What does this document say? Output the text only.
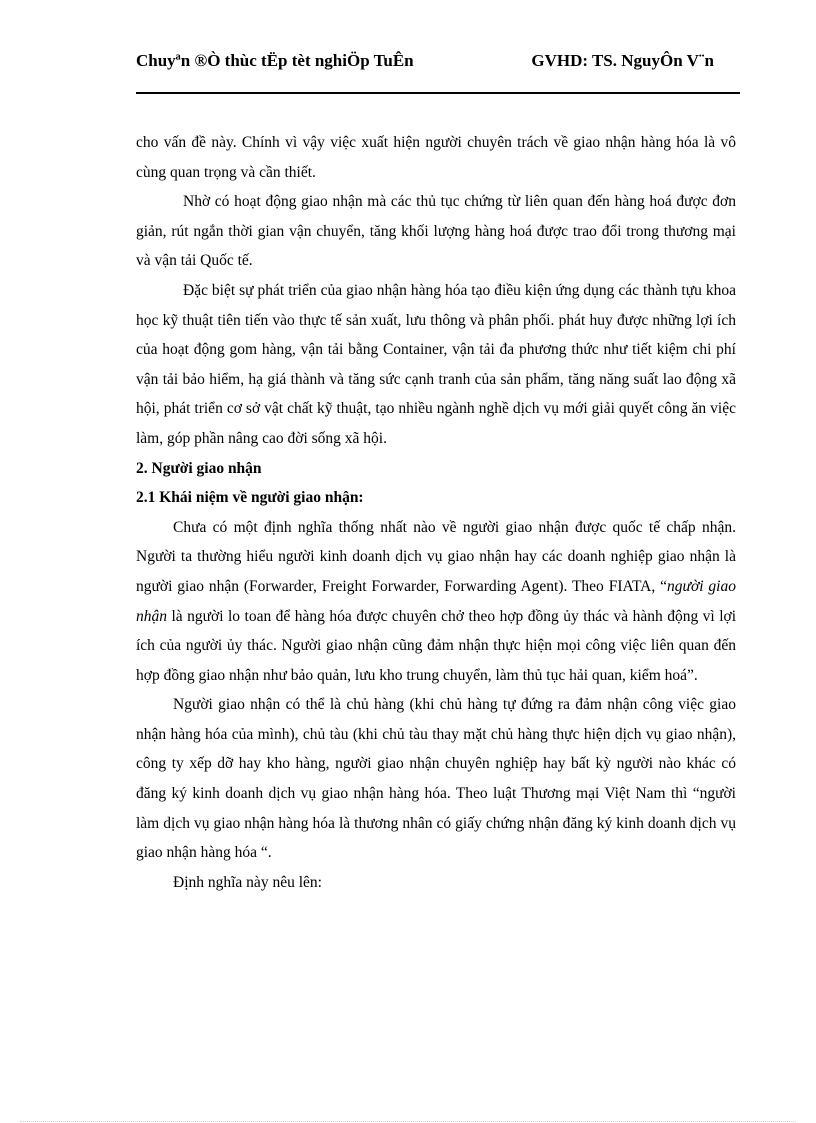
Chuyªn ®Ò thùc tËp tèt nghiÖp TuÊn	GVHD: TS. NguyÔn V¨n

cho vấn đề này. Chính vì vậy việc xuất hiện người chuyên trách về giao nhận hàng hóa là vô cùng quan trọng và cần thiết.

Nhờ có hoạt động giao nhận mà các thủ tục chứng từ liên quan đến hàng hoá được đơn giản, rút ngắn thời gian vận chuyển, tăng khối lượng hàng hoá được trao đổi trong thương mại và vận tải Quốc tế.

Đặc biệt sự phát triển của giao nhận hàng hóa tạo điều kiện ứng dụng các thành tựu khoa học kỹ thuật tiên tiến vào thực tế sản xuất, lưu thông và phân phối. phát huy được những lợi ích của hoạt động gom hàng, vận tải bằng Container, vận tải đa phương thức như tiết kiệm chi phí vận tải bảo hiểm, hạ giá thành và tăng sức cạnh tranh của sản phẩm, tăng năng suất lao động xã hội, phát triển cơ sở vật chất kỹ thuật, tạo nhiều ngành nghề dịch vụ mới giải quyết công ăn việc làm, góp phần nâng cao đời sống xã hội.

2. Người giao nhận

2.1 Khái niệm về người giao nhận:

Chưa có một định nghĩa thống nhất nào về người giao nhận được quốc tế chấp nhận. Người ta thường hiểu người kinh doanh dịch vụ giao nhận hay các doanh nghiệp giao nhận là người giao nhận (Forwarder, Freight Forwarder, Forwarding Agent). Theo FIATA, “người giao nhận là người lo toan để hàng hóa được chuyên chở theo hợp đồng ủy thác và hành động vì lợi ích của người ủy thác. Người giao nhận cũng đảm nhận thực hiện mọi công việc liên quan đến hợp đồng giao nhận như bảo quản, lưu kho trung chuyển, làm thủ tục hải quan, kiểm hoá”.

Người giao nhận có thể là chủ hàng (khi chủ hàng tự đứng ra đảm nhận công việc giao nhận hàng hóa của mình), chủ tàu (khi chủ tàu thay mặt chủ hàng thực hiện dịch vụ giao nhận), công ty xếp dỡ hay kho hàng, người giao nhận chuyên nghiệp hay bất kỳ người nào khác có đăng ký kinh doanh dịch vụ giao nhận hàng hóa. Theo luật Thương mại Việt Nam thì “người làm dịch vụ giao nhận hàng hóa là thương nhân có giấy chứng nhận đăng ký kinh doanh dịch vụ giao nhận hàng hóa “.

Định nghĩa này nêu lên:
